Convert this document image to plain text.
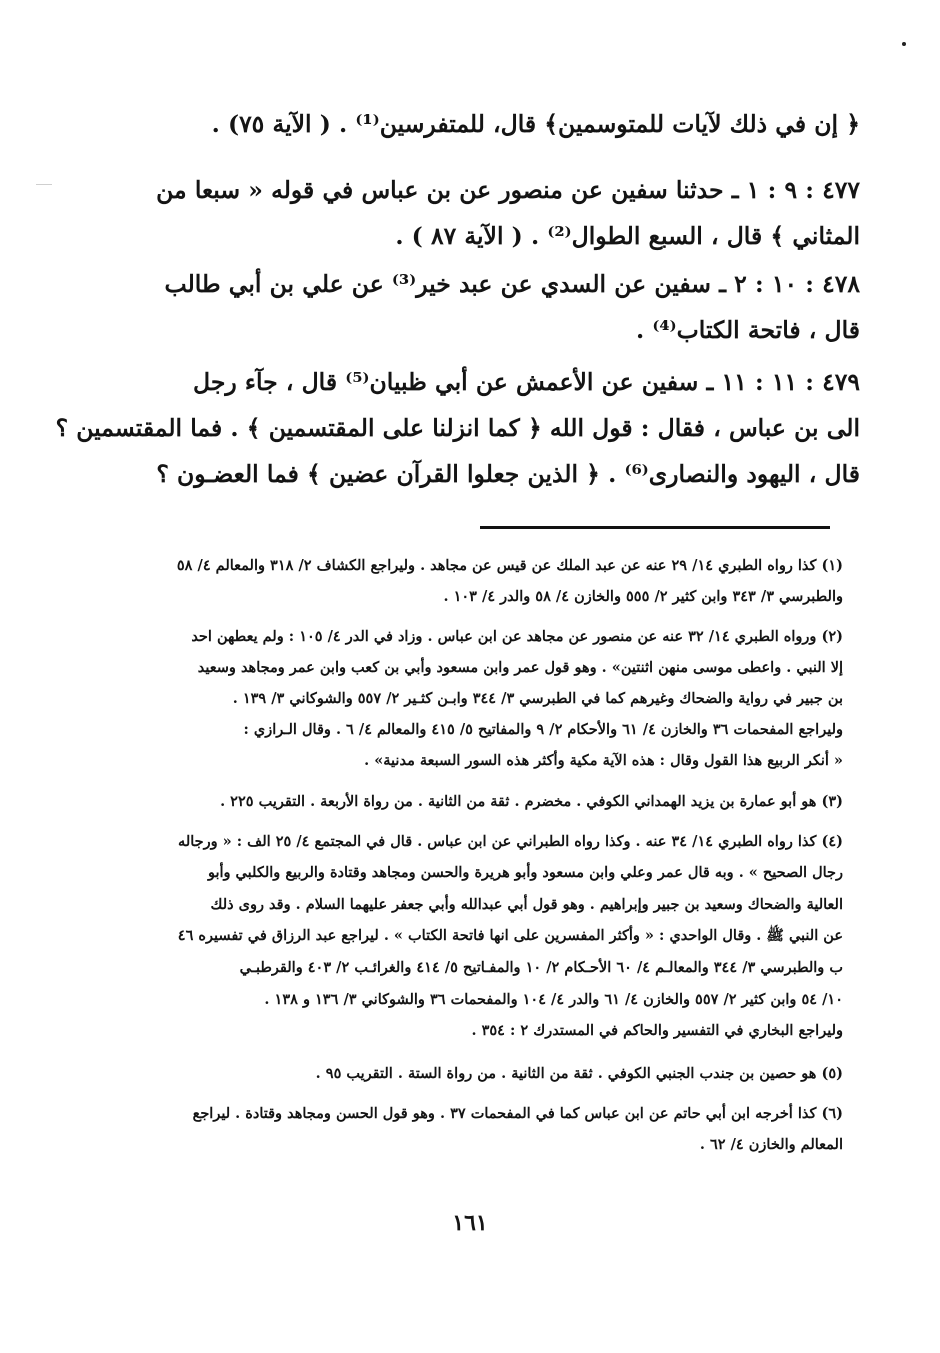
﴿ إن في ذلك لآيات للمتوسمين﴾ قال، للمتفرسين⁽¹⁾ . ( الآية ٧٥) .
٤٧٧ : ٩ : ١ ـ حدثنا سفين عن منصور عن بن عباس في قوله « سبعا من
المثاني ﴾ قال ، السبع الطوال⁽²⁾ . ( الآية ٨٧ ) .
٤٧٨ : ١٠ : ٢ ـ سفين عن السدي عن عبد خير⁽³⁾ عن علي بن أبي طالب
قال ، فاتحة الكتاب⁽⁴⁾ .
٤٧٩ : ١١ : ١١ ـ سفين عن الأعمش عن أبي ظبيان⁽⁵⁾ قال ، جآء رجل
الى بن عباس ، فقال : قول الله ﴿ كما انزلنا على المقتسمين ﴾ . فما المقتسمين ؟
قال ، اليهود والنصارى⁽⁶⁾ . ﴿ الذين جعلوا القرآن عضين ﴾ فما العضـون ؟
(١) كذا رواه الطبري ١٤/ ٢٩ عنه عن عبد الملك عن قيس عن مجاهد . وليراجع الكشاف ٢/ ٣١٨ والمعالم ٤/ ٥٨
والطبرسي ٣/ ٣٤٣ وابن كثير ٢/ ٥٥٥ والخازن ٤/ ٥٨ والدر ٤/ ١٠٣ .
(٢) ورواه الطبري ١٤/ ٣٢ عنه عن منصور عن مجاهد عن ابن عباس . وزاد في الدر ٤/ ١٠٥ : ولم يعطهن احد
إلا النبي . واعطى موسى منهن اثنتين» . وهو قول عمر وابن مسعود وأبي بن كعب وابن عمر ومجاهد وسعيد
بن جبير في رواية والضحاك وغيرهم كما في الطبرسي ٣/ ٣٤٤ وابـن كثـير ٢/ ٥٥٧ والشوكاني ٣/ ١٣٩ .
وليراجع المفحمات ٣٦ والخازن ٤/ ٦١ والأحكام ٢/ ٩ والمفاتيح ٥/ ٤١٥ والمعالم ٤/ ٦ . وقال الـرازي :
« أنكر الربيع هذا القول وقال : هذه الآية مكية وأكثر هذه السور السبعة مدنية» .
(٣) هو أبو عمارة بن يزيد الهمداني الكوفي . مخضرم . ثقة من الثانية . من رواة الأربعة . التقريب ٢٢٥ .
(٤) كذا رواه الطبري ١٤/ ٣٤ عنه . وكذا رواه الطبراني عن ابن عباس . قال في المجتمع ٤/ ٢٥ الف : « ورجاله
رجال الصحيح » . وبه قال عمر وعلي وابن مسعود وأبو هريرة والحسن ومجاهد وقتادة والربيع والكلبي وأبو
العالية والضحاك وسعيد بن جبير وإبراهيم . وهو قول أبي عبدالله وأبي جعفر عليهما السلام . وقد روى ذلك
عن النبي ﷺ . وقال الواحدي : « وأكثر المفسرين على انها فاتحة الكتاب » . ليراجع عبد الرزاق في تفسيره ٤٦
ب والطبرسي ٣/ ٣٤٤ والمعالـم ٤/ ٦٠ الأحـكام ٢/ ١٠ والمفـاتيح ٥/ ٤١٤ والغرائـب ٢/ ٤٠٣ والقرطبـي
١٠/ ٥٤ وابن كثير ٢/ ٥٥٧ والخازن ٤/ ٦١ والدر ٤/ ١٠٤ والمفحمات ٣٦ والشوكاني ٣/ ١٣٦ و ١٣٨ .
وليراجع البخاري في التفسير والحاكم في المستدرك ٢ : ٣٥٤ .
(٥) هو حصين بن جندب الجنبي الكوفي . ثقة من الثانية . من رواة الستة . التقريب ٩٥ .
(٦) كذا أخرجه ابن أبي حاتم عن ابن عباس كما في المفحمات ٣٧ . وهو قول الحسن ومجاهد وقتادة . ليراجع
المعالم والخازن ٤/ ٦٢ .
١٦١
